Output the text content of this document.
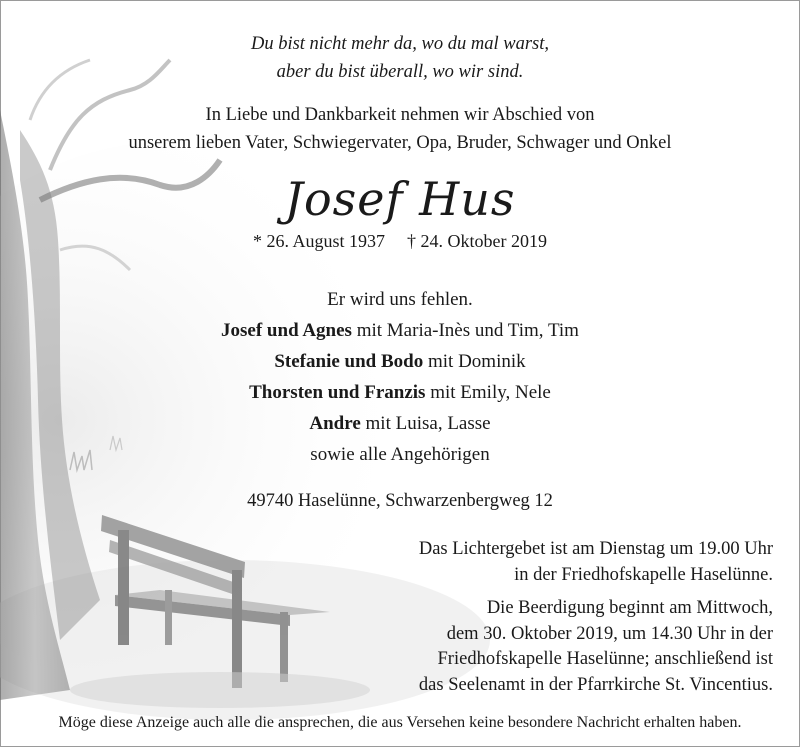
Du bist nicht mehr da, wo du mal warst,
aber du bist überall, wo wir sind.
In Liebe und Dankbarkeit nehmen wir Abschied von
unserem lieben Vater, Schwiegervater, Opa, Bruder, Schwager und Onkel
Josef Hus
* 26. August 1937 † 24. Oktober 2019
Er wird uns fehlen.
Josef und Agnes mit Maria-Inès und Tim, Tim
Stefanie und Bodo mit Dominik
Thorsten und Franzis mit Emily, Nele
Andre mit Luisa, Lasse
sowie alle Angehörigen
49740 Haselünne, Schwarzenbergweg 12
Das Lichtergebet ist am Dienstag um 19.00 Uhr
in der Friedhofskapelle Haselünne.
Die Beerdigung beginnt am Mittwoch,
dem 30. Oktober 2019, um 14.30 Uhr in der
Friedhofskapelle Haselünne; anschließend ist
das Seelenamt in der Pfarrkirche St. Vincentius.
Möge diese Anzeige auch alle die ansprechen, die aus Versehen keine besondere Nachricht erhalten haben.
